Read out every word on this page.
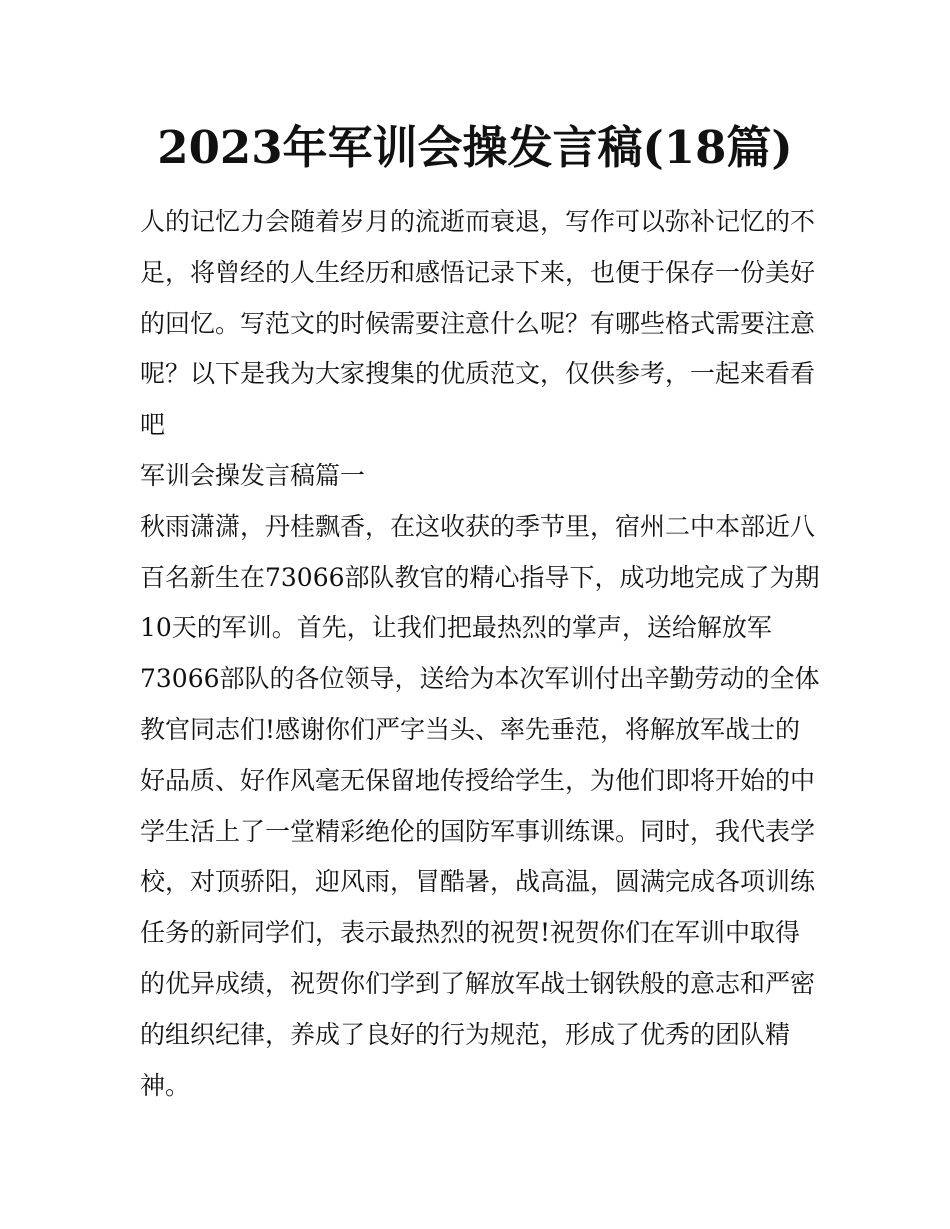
2023年军训会操发言稿(18篇)
人的记忆力会随着岁月的流逝而衰退，写作可以弥补记忆的不
足，将曾经的人生经历和感悟记录下来，也便于保存一份美好
的回忆。写范文的时候需要注意什么呢？有哪些格式需要注意
呢？以下是我为大家搜集的优质范文，仅供参考，一起来看看
吧
军训会操发言稿篇一
秋雨潇潇，丹桂飘香，在这收获的季节里，宿州二中本部近八
百名新生在73066部队教官的精心指导下，成功地完成了为期
10天的军训。首先，让我们把最热烈的掌声，送给解放军
73066部队的各位领导，送给为本次军训付出辛勤劳动的全体
教官同志们!感谢你们严字当头、率先垂范，将解放军战士的
好品质、好作风毫无保留地传授给学生，为他们即将开始的中
学生活上了一堂精彩绝伦的国防军事训练课。同时，我代表学
校，对顶骄阳，迎风雨，冒酷暑，战高温，圆满完成各项训练
任务的新同学们，表示最热烈的祝贺!祝贺你们在军训中取得
的优异成绩，祝贺你们学到了解放军战士钢铁般的意志和严密
的组织纪律，养成了良好的行为规范，形成了优秀的团队精
神。
